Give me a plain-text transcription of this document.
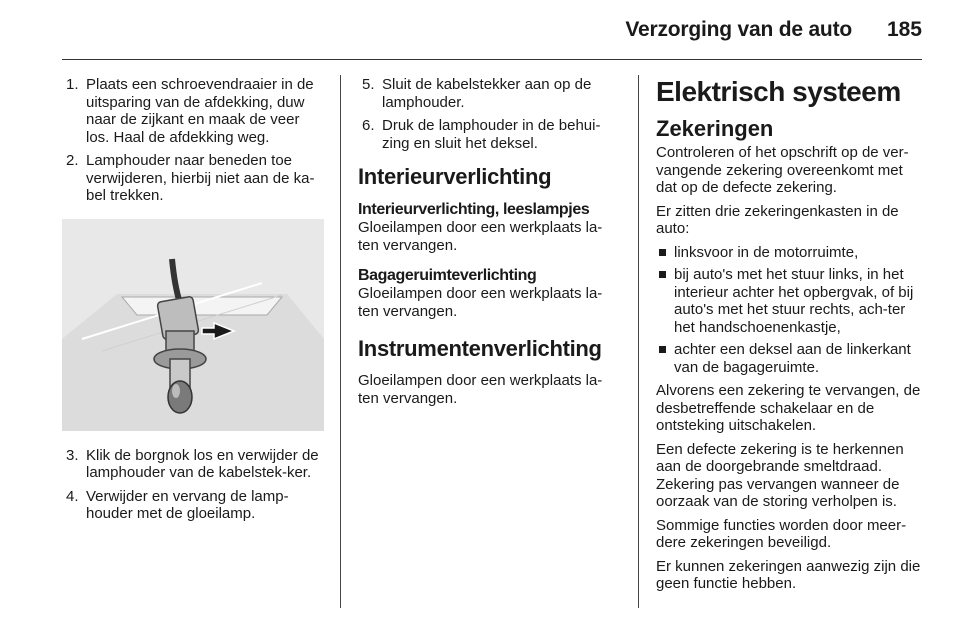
Verzorging van de auto 185
1. Plaats een schroevendraaier in de uitsparing van de afdekking, duw naar de zijkant en maak de veer los. Haal de afdekking weg.
2. Lamphouder naar beneden toe verwijderen, hierbij niet aan de ka-bel trekken.
3. Klik de borgnok los en verwijder de lamphouder van de kabelstek-ker.
4. Verwijder en vervang de lamp-houder met de gloeilamp.
5. Sluit de kabelstekker aan op de lamphouder.
6. Druk de lamphouder in de behui-zing en sluit het deksel.
Interieurverlichting
Interieurverlichting, leeslampjes

Gloeilampen door een werkplaats la-ten vervangen.

Bagageruimteverlichting

Gloeilampen door een werkplaats la-ten vervangen.

Instrumentenverlichting

Gloeilampen door een werkplaats la-ten vervangen.

Elektrisch systeem
Zekeringen

Controleren of het opschrift op de ver-vangende zekering overeenkomt met dat op de defecte zekering.

Er zitten drie zekeringenkasten in de auto:

linksvoor in de motorruimte,
bij auto's met het stuur links, in het interieur achter het opbergvak, of bij auto's met het stuur rechts, ach-ter het handschoenenkastje,
achter een deksel aan de linkerkant van de bagageruimte.

Alvorens een zekering te vervangen, de desbetreffende schakelaar en de ontsteking uitschakelen.

Een defecte zekering is te herkennen aan de doorgebrande smeltdraad. Zekering pas vervangen wanneer de oorzaak van de storing verholpen is.

Sommige functies worden door meer-dere zekeringen beveiligd.

Er kunnen zekeringen aanwezig zijn die geen functie hebben.
